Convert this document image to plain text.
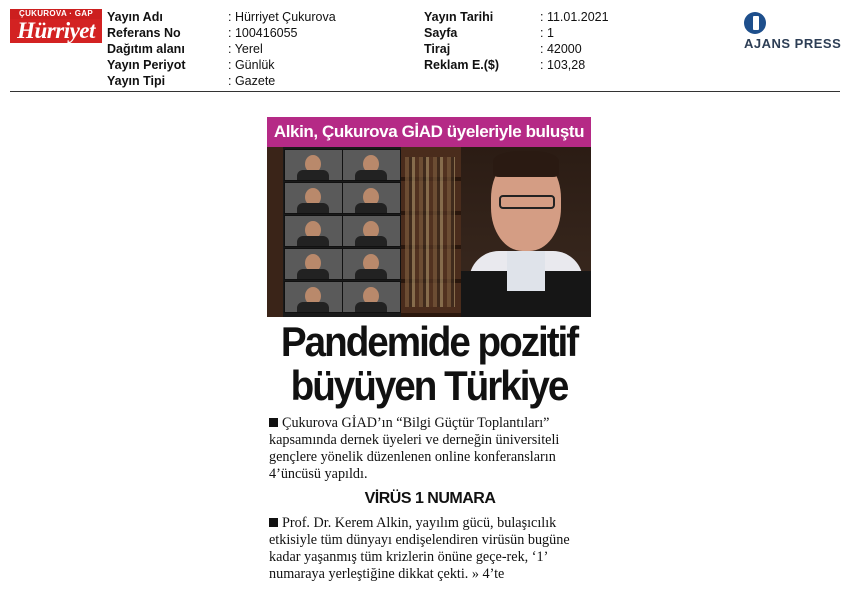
ÇUKUROVA · GAP
Hürriyet
Yayın Adı	: Hürriyet Çukurova
Referans No	: 100416055
Dağıtım alanı	: Yerel
Yayın Periyot	: Günlük
Yayın Tipi	: Gazete
Yayın Tarihi	: 11.01.2021
Sayfa	: 1
Tiraj	: 42000
Reklam E.($)	: 103,28
AJANS PRESS
Alkin, Çukurova GİAD üyeleriyle buluştu
Pandemide pozitif
büyüyen Türkiye
Çukurova GİAD’ın “Bilgi Güçtür Toplantıları” kapsamında dernek üyeleri ve derneğin üniversiteli gençlere yönelik düzenlenen online konferansların 4’üncüsü yapıldı.
VİRÜS 1 NUMARA
Prof. Dr. Kerem Alkin, yayılım gücü, bulaşıcılık etkisiyle tüm dünyayı endişelendiren virüsün bugüne kadar yaşanmış tüm krizlerin önüne geçe-rek, ‘1’ numaraya yerleştiğine dikkat çekti. » 4’te
